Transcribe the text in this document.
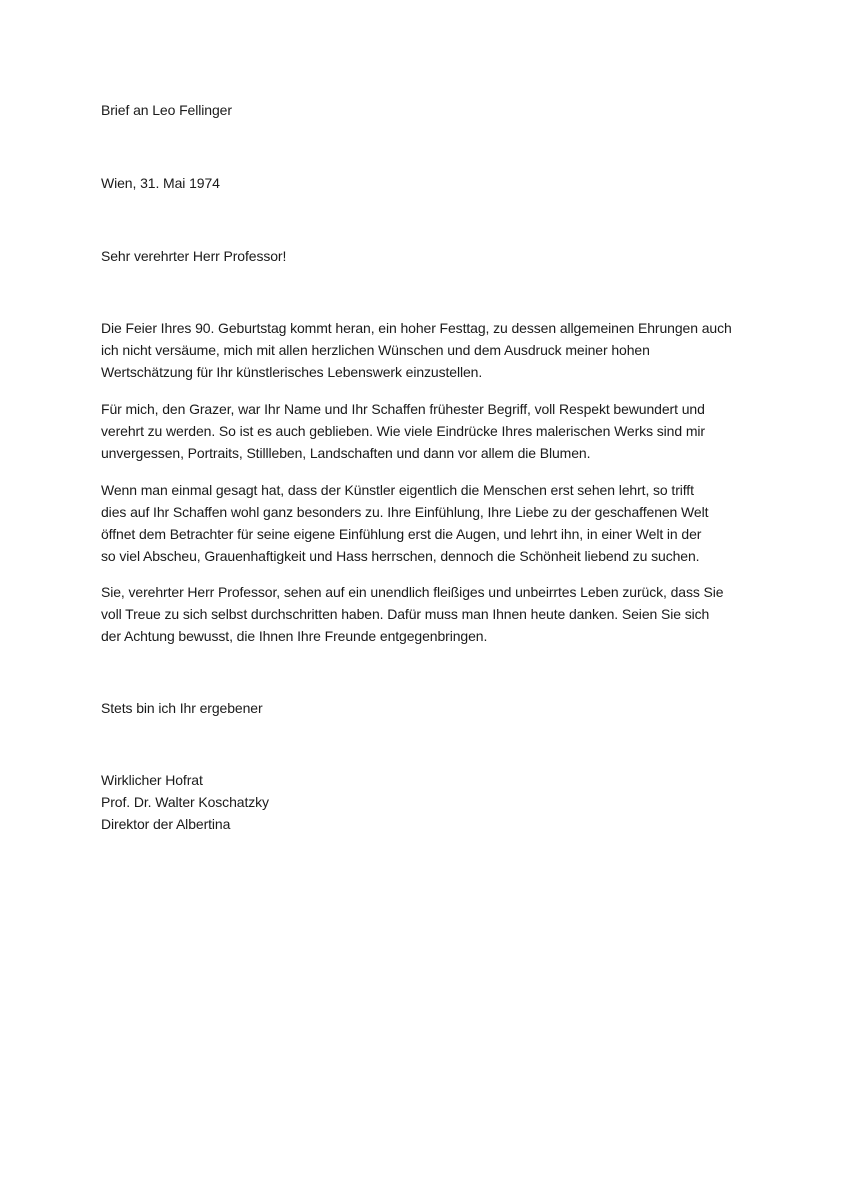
Brief an Leo Fellinger

Wien, 31. Mai 1974

Sehr verehrter Herr Professor!

Die Feier Ihres 90. Geburtstag kommt heran, ein hoher Festtag, zu dessen allgemeinen Ehrungen auch
ich nicht versäume, mich mit allen herzlichen Wünschen und dem Ausdruck meiner hohen
Wertschätzung für Ihr künstlerisches Lebenswerk einzustellen.
Für mich, den Grazer, war Ihr Name und Ihr Schaffen frühester Begriff, voll Respekt bewundert und
verehrt zu werden. So ist es auch geblieben. Wie viele Eindrücke Ihres malerischen Werks sind mir
unvergessen, Portraits, Stillleben, Landschaften und dann vor allem die Blumen.
Wenn man einmal gesagt hat, dass der Künstler eigentlich die Menschen erst sehen lehrt, so trifft
dies auf Ihr Schaffen wohl ganz besonders zu. Ihre Einfühlung, Ihre Liebe zu der geschaffenen Welt
öffnet dem Betrachter für seine eigene Einfühlung erst die Augen, und lehrt ihn, in einer Welt in der
so viel Abscheu, Grauenhaftigkeit und Hass herrschen, dennoch die Schönheit liebend zu suchen.
Sie, verehrter Herr Professor, sehen auf ein unendlich fleißiges und unbeirrtes Leben zurück, dass Sie
voll Treue zu sich selbst durchschritten haben. Dafür muss man Ihnen heute danken. Seien Sie sich
der Achtung bewusst, die Ihnen Ihre Freunde entgegenbringen.

Stets bin ich Ihr ergebener

Wirklicher Hofrat
Prof. Dr. Walter Koschatzky
Direktor der Albertina
